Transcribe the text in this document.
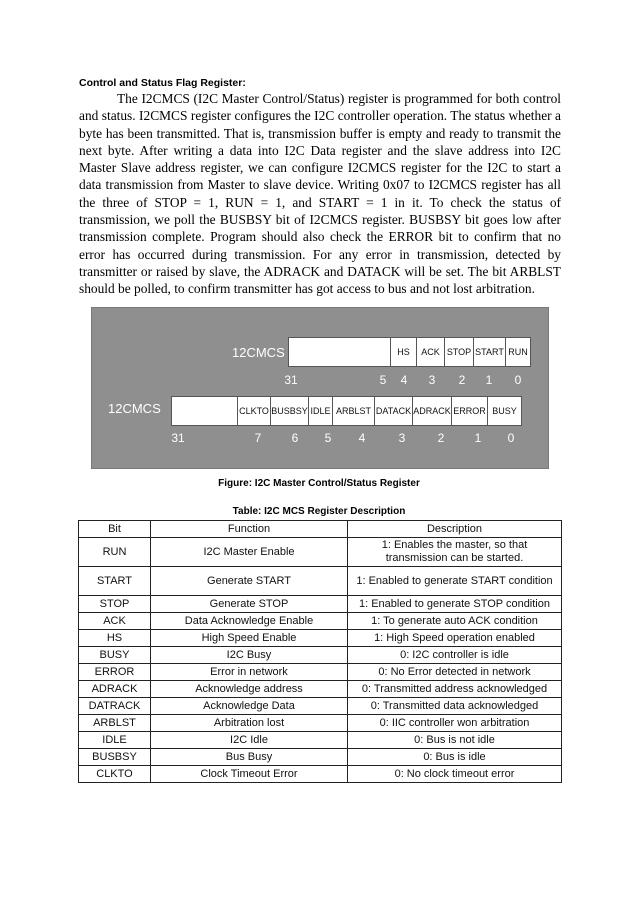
Control and Status Flag Register:

The I2CMCS (I2C Master Control/Status) register is programmed for both control and status. I2CMCS register configures the I2C controller operation. The status whether a byte has been transmitted. That is, transmission buffer is empty and ready to transmit the next byte. After writing a data into I2C Data register and the slave address into I2C Master Slave address register, we can configure I2CMCS register for the I2C to start a data transmission from Master to slave device. Writing 0x07 to I2CMCS register has all the three of STOP = 1, RUN = 1, and START = 1 in it. To check the status of transmission, we poll the BUSBSY bit of I2CMCS register. BUSBSY bit goes low after transmission complete. Program should also check the ERROR bit to confirm that no error has occurred during transmission. For any error in transmission, detected by transmitter or raised by slave, the ADRACK and DATACK will be set. The bit ARBLST should be polled, to confirm transmitter has got access to bus and not lost arbitration.

12CMCS	HS	ACK STOP START RUN
31	5 4 3 2 1 0
12CMCS	CLKTO BUSBSY IDLE ARBLST DATACK ADRACK ERROR BUSY
31	7	6 5 4	3	2	1 0
Figure: I2C Master Control/Status Register
Table: I2C MCS Register Description
Bit	Function	Description
RUN	I2C Master Enable	1: Enables the master, so that transmission can be started.
START	Generate START	1: Enabled to generate START condition
STOP	Generate STOP	1: Enabled to generate STOP condition
ACK	Data Acknowledge Enable	1: To generate auto ACK condition
HS	High Speed Enable	1: High Speed operation enabled
BUSY	I2C Busy	0: I2C controller is idle
ERROR	Error in network	0: No Error detected in network
ADRACK	Acknowledge address	0: Transmitted address acknowledged
DATRACK	Acknowledge Data	0: Transmitted data acknowledged
ARBLST	Arbitration lost	0: IIC controller won arbitration
IDLE	I2C Idle	0: Bus is not idle
BUSBSY	Bus Busy	0: Bus is idle
CLKTO	Clock Timeout Error	0: No clock timeout error
